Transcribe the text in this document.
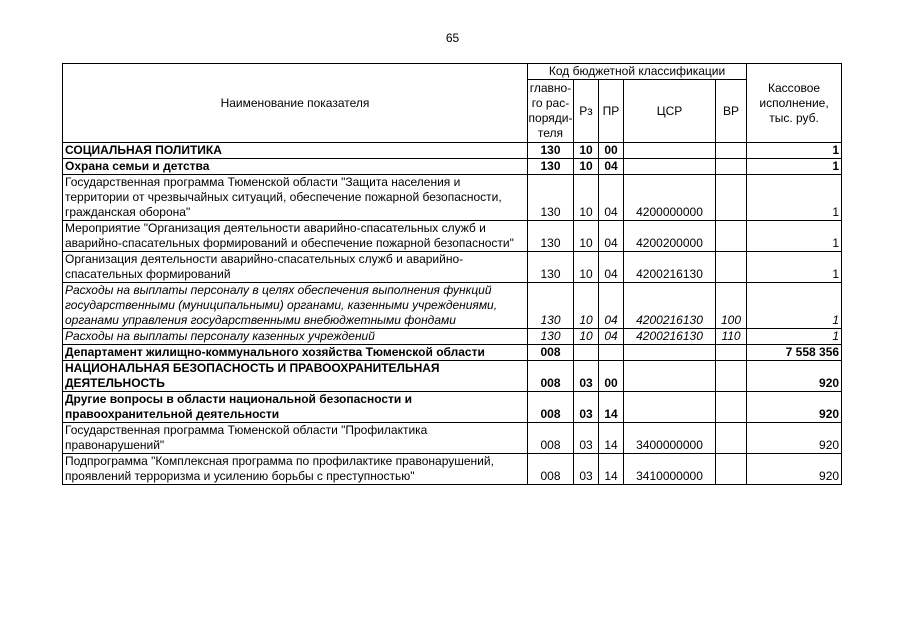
65
Наименование показателя	Код бюджетной классификации					Кассовое исполнение, тыс. руб.
	главно-го рас-поряди-теля	Рз	ПР	ЦСР	ВР	
СОЦИАЛЬНАЯ ПОЛИТИКА	130	10	00			1
Охрана семьи и детства	130	10	04			1
Государственная программа Тюменской области "Защита населения и территории от чрезвычайных ситуаций, обеспечение пожарной безопасности, гражданская оборона"	130	10	04	4200000000		1
Мероприятие "Организация деятельности аварийно-спасательных служб и аварийно-спасательных формирований и обеспечение пожарной безопасности"	130	10	04	4200200000		1
Организация деятельности аварийно-спасательных служб и аварийно-спасательных формирований	130	10	04	4200216130		1
Расходы на выплаты персоналу в целях обеспечения выполнения функций государственными (муниципальными) органами, казенными учреждениями, органами управления государственными внебюджетными фондами	130	10	04	4200216130	100	1
Расходы на выплаты персоналу казенных учреждений	130	10	04	4200216130	110	1
Департамент жилищно-коммунального хозяйства Тюменской области	008					7 558 356
НАЦИОНАЛЬНАЯ БЕЗОПАСНОСТЬ И ПРАВООХРАНИТЕЛЬНАЯ ДЕЯТЕЛЬНОСТЬ	008	03	00			920
Другие вопросы в области национальной безопасности и правоохранительной деятельности	008	03	14			920
Государственная программа Тюменской области "Профилактика правонарушений"	008	03	14	3400000000		920
Подпрограмма "Комплексная программа по профилактике правонарушений, проявлений терроризма и усилению борьбы с преступностью"	008	03	14	3410000000		920
